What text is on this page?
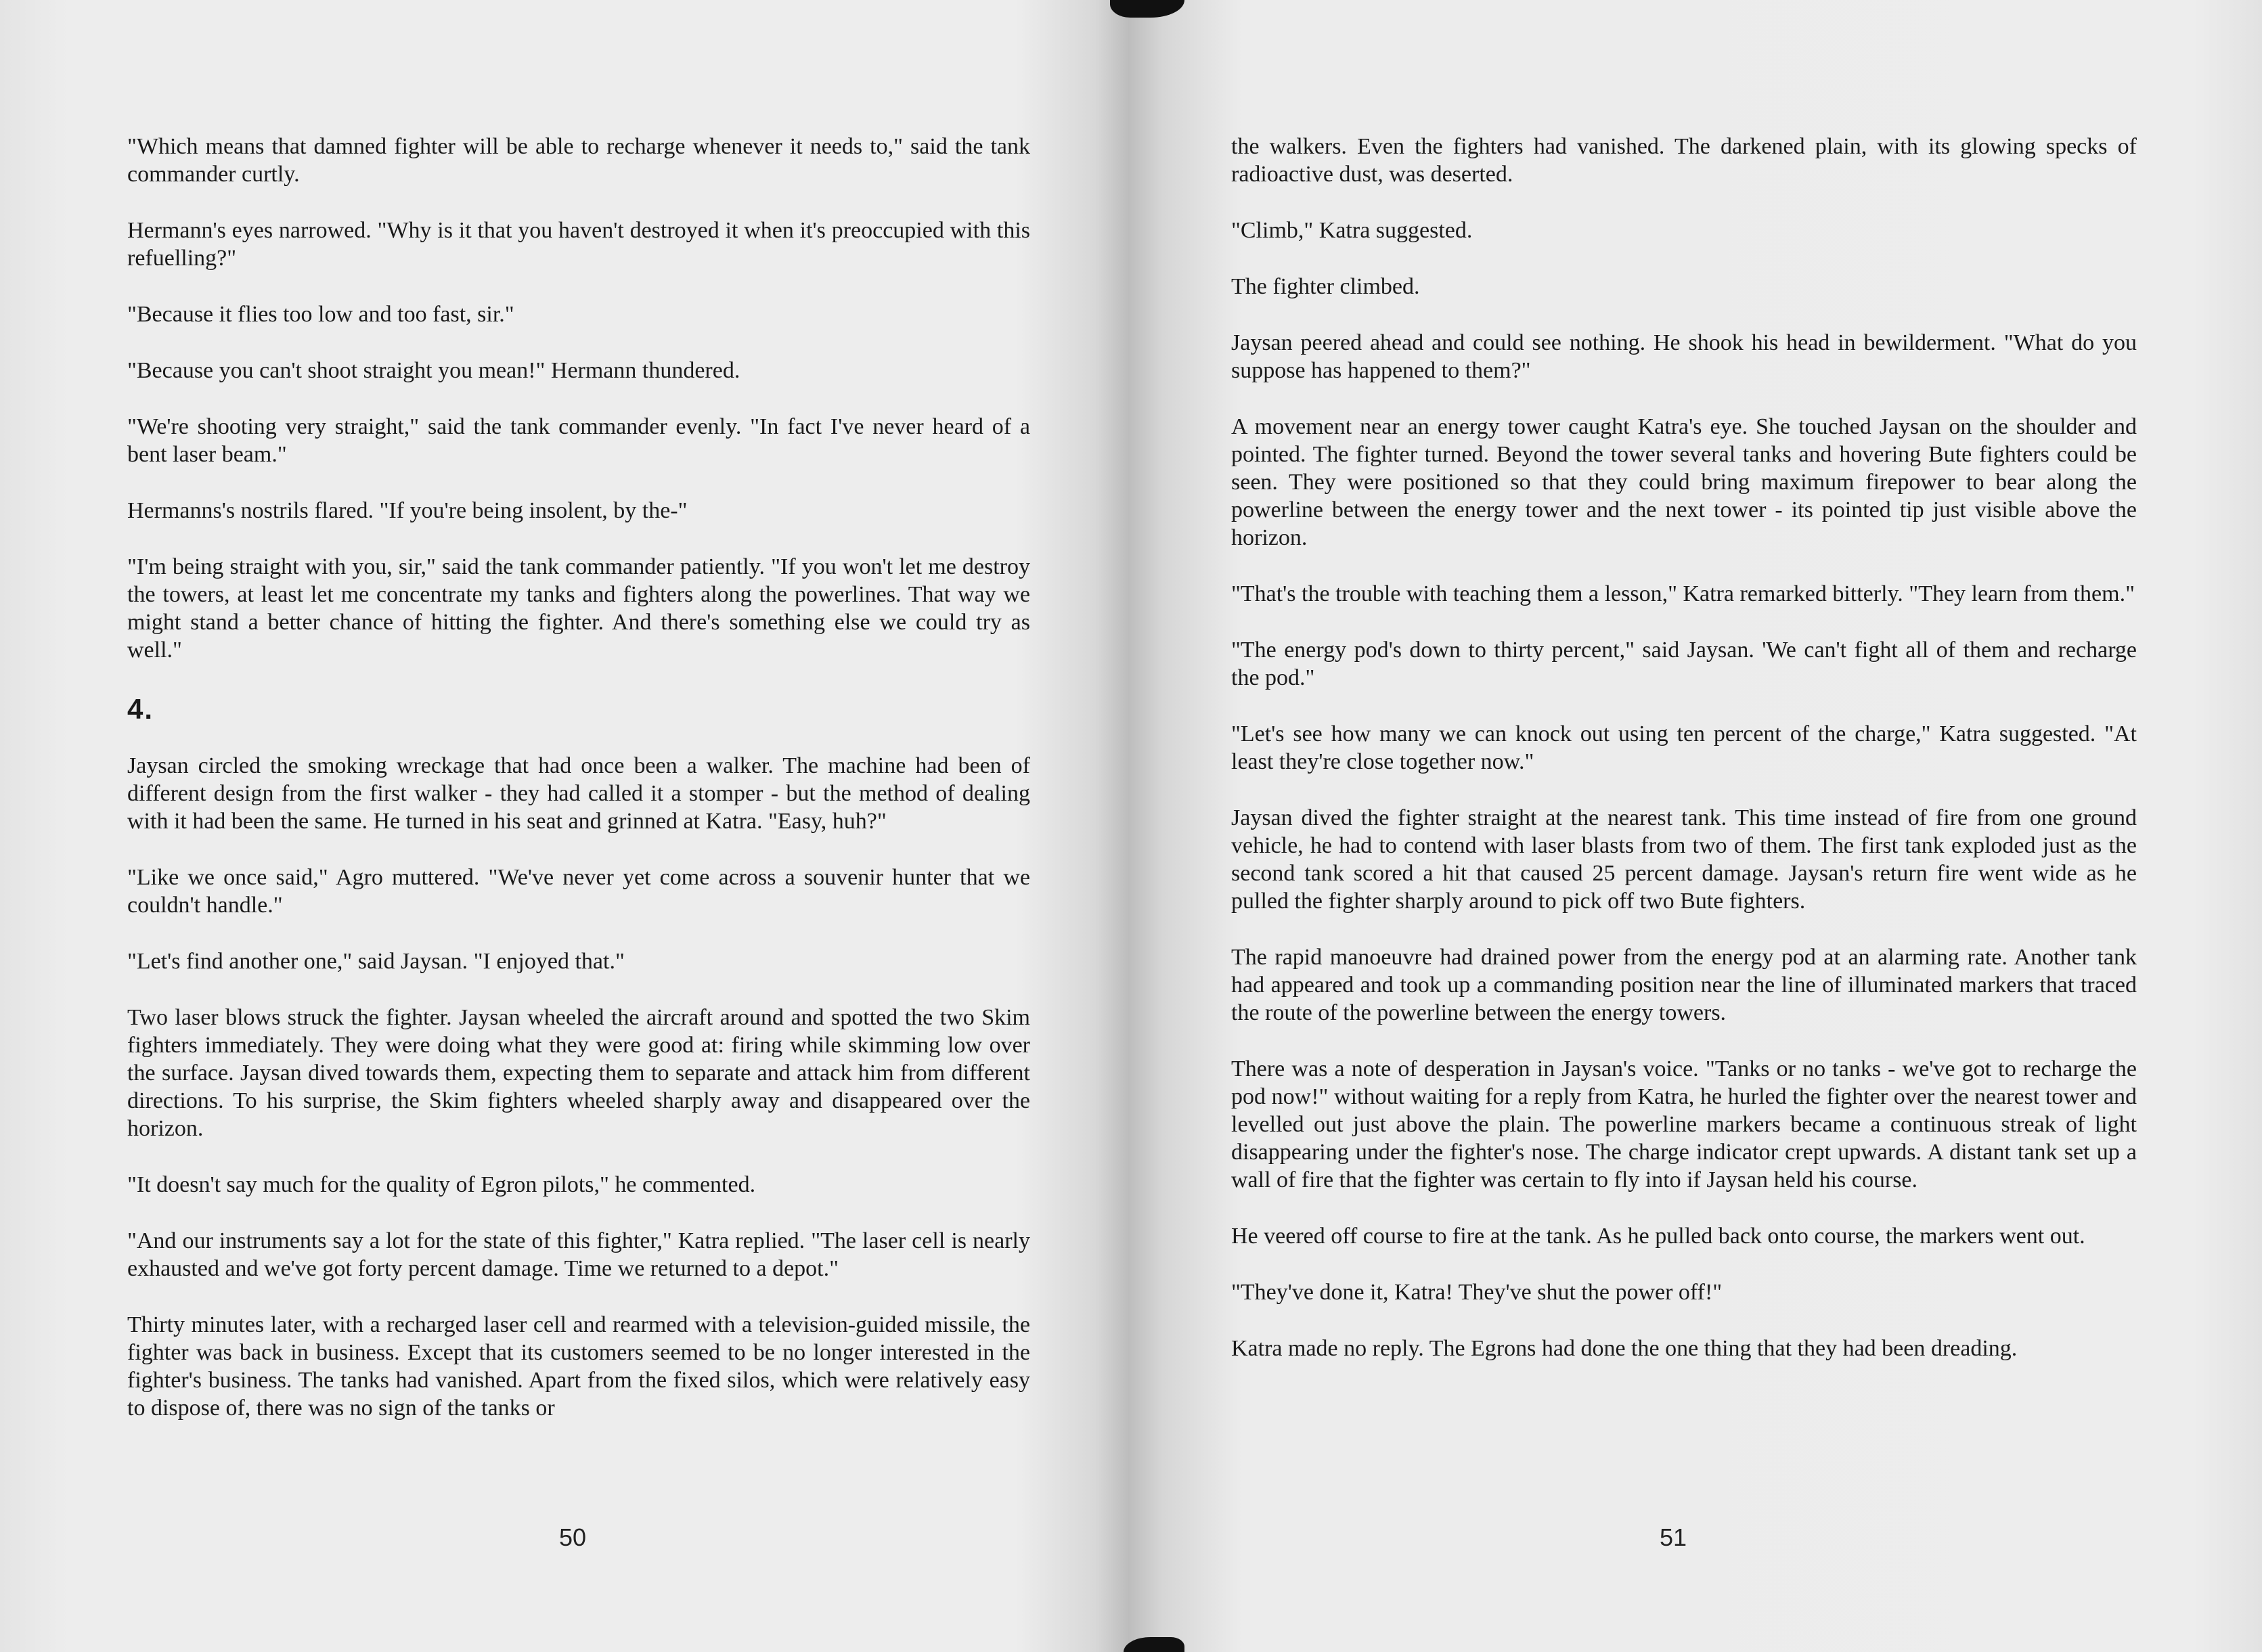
"Which means that damned fighter will be able to recharge whenever it needs to," said the tank commander curtly.

Hermann's eyes narrowed. "Why is it that you haven't destroyed it when it's preoccupied with this refuelling?"

"Because it flies too low and too fast, sir."

"Because you can't shoot straight you mean!" Hermann thundered.

"We're shooting very straight," said the tank commander evenly. "In fact I've never heard of a bent laser beam."

Hermanns's nostrils flared. "If you're being insolent, by the-"

"I'm being straight with you, sir," said the tank commander patiently. "If you won't let me destroy the towers, at least let me concentrate my tanks and fighters along the powerlines. That way we might stand a better chance of hitting the fighter. And there's something else we could try as well."

4.

Jaysan circled the smoking wreckage that had once been a walker. The machine had been of different design from the first walker - they had called it a stomper - but the method of dealing with it had been the same. He turned in his seat and grinned at Katra. "Easy, huh?"

"Like we once said," Agro muttered. "We've never yet come across a souvenir hunter that we couldn't handle."

"Let's find another one," said Jaysan. "I enjoyed that."

Two laser blows struck the fighter. Jaysan wheeled the aircraft around and spotted the two Skim fighters immediately. They were doing what they were good at: firing while skimming low over the surface. Jaysan dived towards them, expecting them to separate and attack him from different directions. To his surprise, the Skim fighters wheeled sharply away and disappeared over the horizon.

"It doesn't say much for the quality of Egron pilots," he commented.

"And our instruments say a lot for the state of this fighter," Katra replied. "The laser cell is nearly exhausted and we've got forty percent damage. Time we returned to a depot."

Thirty minutes later, with a recharged laser cell and rearmed with a television-guided missile, the fighter was back in business. Except that its customers seemed to be no longer interested in the fighter's business. The tanks had vanished. Apart from the fixed silos, which were relatively easy to dispose of, there was no sign of the tanks or

50

the walkers. Even the fighters had vanished. The darkened plain, with its glowing specks of radioactive dust, was deserted.

"Climb," Katra suggested.

The fighter climbed.

Jaysan peered ahead and could see nothing. He shook his head in bewilderment. "What do you suppose has happened to them?"

A movement near an energy tower caught Katra's eye. She touched Jaysan on the shoulder and pointed. The fighter turned. Beyond the tower several tanks and hovering Bute fighters could be seen. They were positioned so that they could bring maximum firepower to bear along the powerline between the energy tower and the next tower - its pointed tip just visible above the horizon.

"That's the trouble with teaching them a lesson," Katra remarked bitterly. "They learn from them."

"The energy pod's down to thirty percent," said Jaysan. 'We can't fight all of them and recharge the pod."

"Let's see how many we can knock out using ten percent of the charge," Katra suggested. "At least they're close together now."

Jaysan dived the fighter straight at the nearest tank. This time instead of fire from one ground vehicle, he had to contend with laser blasts from two of them. The first tank exploded just as the second tank scored a hit that caused 25 percent damage. Jaysan's return fire went wide as he pulled the fighter sharply around to pick off two Bute fighters.

The rapid manoeuvre had drained power from the energy pod at an alarming rate. Another tank had appeared and took up a commanding position near the line of illuminated markers that traced the route of the powerline between the energy towers.

There was a note of desperation in Jaysan's voice. "Tanks or no tanks - we've got to recharge the pod now!" without waiting for a reply from Katra, he hurled the fighter over the nearest tower and levelled out just above the plain. The powerline markers became a continuous streak of light disappearing under the fighter's nose. The charge indicator crept upwards. A distant tank set up a wall of fire that the fighter was certain to fly into if Jaysan held his course.

He veered off course to fire at the tank. As he pulled back onto course, the markers went out.

"They've done it, Katra! They've shut the power off!"

Katra made no reply. The Egrons had done the one thing that they had been dreading.

51
